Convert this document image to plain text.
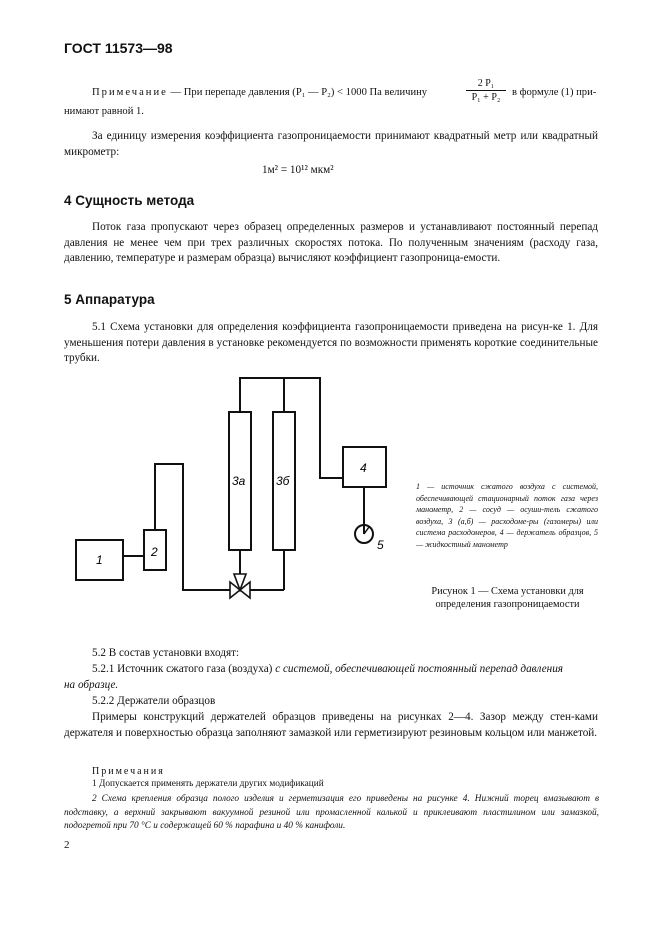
ГОСТ 11573—98
Примечание — При перепаде давления (P₁ — P₂) < 1000 Па величину
2 P₁
P₁ + P₂	в формуле (1) при-
нимают равной 1.
За единицу измерения коэффициента газопроницаемости принимают квадратный метр или квадратный микрометр:
1м² = 10¹² мкм²
4 Сущность метода
Поток газа пропускают через образец определенных размеров и устанавливают постоянный перепад давления не менее чем при трех различных скоростях потока. По полученным значениям (расходу газа, давлению, температуре и размерам образца) вычисляют коэффициент газопроница-емости.
5 Аппаратура
5.1 Схема установки для определения коэффициента газопроницаемости приведена на рисун-ке 1. Для уменьшения потери давления в установке рекомендуется по возможности применять короткие соединительные трубки.
1
2
3a	3б
4
5
1 — источник сжатого воздуха с системой, обеспечивающей стационарный поток газа через манометр, 2 — сосуд — осуши-тель сжатого воздуха, 3 (а,б) — расходоме-ры (газомеры) или система расходомеров, 4 — держатель образцов, 5 — жидкостный манометр
Рисунок 1 — Схема установки для определения газопроницаемости
5.2 В состав установки входят:
5.2.1 Источник сжатого газа (воздуха) с системой, обеспечивающей постоянный перепад давления
на образце.
5.2.2 Держатели образцов
Примеры конструкций держателей образцов приведены на рисунках 2—4. Зазор между стен-ками держателя и поверхностью образца заполняют замазкой или герметизируют резиновым кольцом или манжетой.
Примечания
1 Допускается применять держатели других модификаций
2 Схема крепления образца полого изделия и герметизация его приведены на рисунке 4. Нижний торец вмазывают в подставку, а верхний закрывают вакуумной резиной или промасленной калькой и приклеивают пластилином или замазкой, подогретой при 70 °С и содержащей 60 % парафина и 40 % канифоли.
2
